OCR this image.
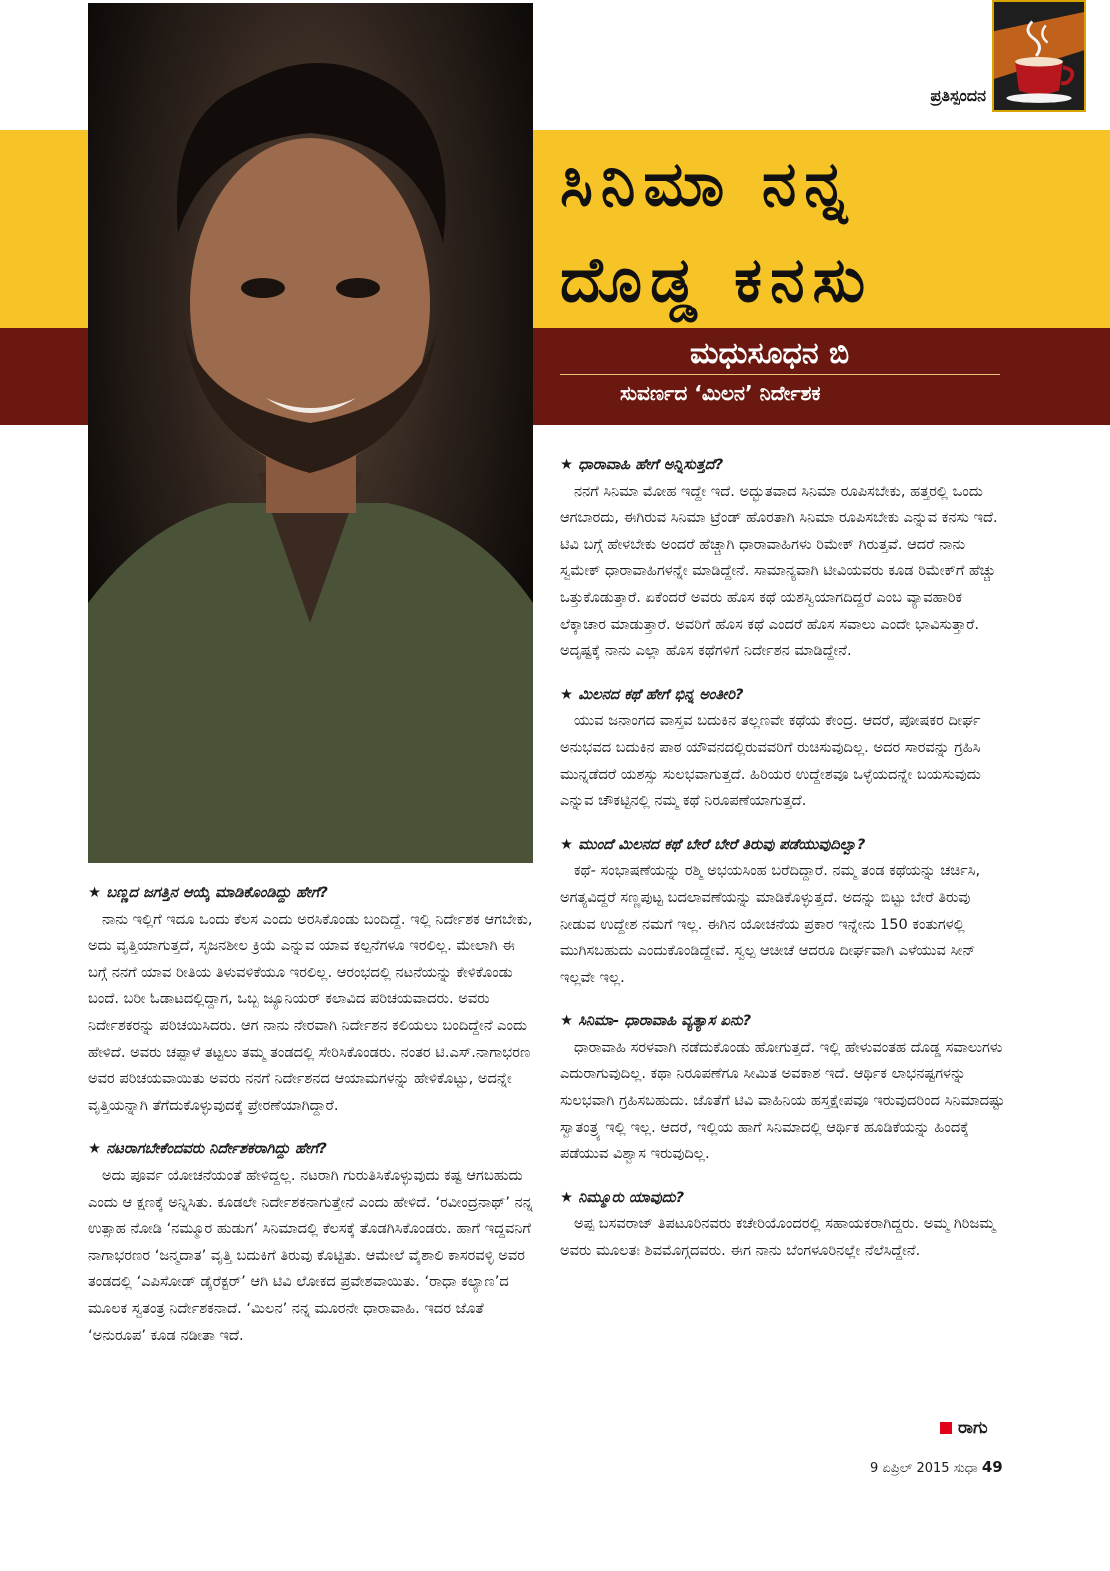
ಪ್ರತಿಸ್ಪಂದನ
ಸಿನಿಮಾ ನನ್ನ
ದೊಡ್ಡ ಕನಸು
ಮಧುಸೂಧನ ಬಿ
ಸುವರ್ಣದ ‘ಮಿಲನ’ ನಿರ್ದೇಶಕ
★ ಬಣ್ಣದ ಜಗತ್ತಿನ ಆಯ್ಕೆ ಮಾಡಿಕೊಂಡಿದ್ದು ಹೇಗೆ?

ನಾನು ಇಲ್ಲಿಗೆ ಇದೂ ಒಂದು ಕೆಲಸ ಎಂದು ಅರಸಿಕೊಂಡು ಬಂದಿದ್ದೆ. ಇಲ್ಲಿ ನಿರ್ದೇಶಕ ಆಗಬೇಕು, ಅದು ವೃತ್ತಿಯಾಗುತ್ತದೆ, ಸೃಜನಶೀಲ ಕ್ರಿಯೆ ಎನ್ನುವ ಯಾವ ಕಲ್ಪನೆಗಳೂ ಇರಲಿಲ್ಲ. ಮೇಲಾಗಿ ಈ ಬಗ್ಗೆ ನನಗೆ ಯಾವ ರೀತಿಯ ತಿಳುವಳಿಕೆಯೂ ಇರಲಿಲ್ಲ. ಆರಂಭದಲ್ಲಿ ನಟನೆಯನ್ನು ಕೇಳಿಕೊಂಡು ಬಂದೆ. ಬರೀ ಓಡಾಟದಲ್ಲಿದ್ದಾಗ, ಒಬ್ಬ ಜ್ಯೂನಿಯರ್ ಕಲಾವಿದ ಪರಿಚಯವಾದರು. ಅವರು ನಿರ್ದೇಶಕರನ್ನು ಪರಿಚಯಿಸಿದರು. ಆಗ ನಾನು ನೇರವಾಗಿ ನಿರ್ದೇಶನ ಕಲಿಯಲು ಬಂದಿದ್ದೇನೆ ಎಂದು ಹೇಳಿದೆ. ಅವರು ಚಪ್ಪಾಳೆ ತಟ್ಟಲು ತಮ್ಮ ತಂಡದಲ್ಲಿ ಸೇರಿಸಿಕೊಂಡರು. ನಂತರ ಟಿ.ಎಸ್.ನಾಗಾಭರಣ ಅವರ ಪರಿಚಯವಾಯಿತು ಅವರು ನನಗೆ ನಿರ್ದೇಶನದ ಆಯಾಮಗಳನ್ನು ಹೇಳಿಕೊಟ್ಟು, ಅದನ್ನೇ ವೃತ್ತಿಯನ್ನಾಗಿ ತೆಗೆದುಕೊಳ್ಳುವುದಕ್ಕೆ ಪ್ರೇರಣೆಯಾಗಿದ್ದಾರೆ.

★ ನಟರಾಗಬೇಕೆಂದವರು ನಿರ್ದೇಶಕರಾಗಿದ್ದು ಹೇಗೆ?

ಅದು ಪೂರ್ವ ಯೋಚನೆಯಂತೆ ಹೇಳಿದ್ದಲ್ಲ. ನಟರಾಗಿ ಗುರುತಿಸಿಕೊಳ್ಳುವುದು ಕಷ್ಟ ಆಗಬಹುದು ಎಂದು ಆ ಕ್ಷಣಕ್ಕೆ ಅನ್ನಿಸಿತು. ಕೂಡಲೇ ನಿರ್ದೇಶಕನಾಗುತ್ತೇನೆ ಎಂದು ಹೇಳಿದೆ. ‘ರವೀಂದ್ರನಾಥ್’ ನನ್ನ ಉತ್ಸಾಹ ನೋಡಿ ‘ನಮ್ಮೂರ ಹುಡುಗ’ ಸಿನಿಮಾದಲ್ಲಿ ಕೆಲಸಕ್ಕೆ ತೊಡಗಿಸಿಕೊಂಡರು. ಹಾಗೆ ಇದ್ದವನಿಗೆ ನಾಗಾಭರಣರ ‘ಜನ್ಮದಾತ’ ವೃತ್ತಿ ಬದುಕಿಗೆ ತಿರುವು ಕೊಟ್ಟಿತು. ಆಮೇಲೆ ವೈಶಾಲಿ ಕಾಸರವಳ್ಳಿ ಅವರ ತಂಡದಲ್ಲಿ ‘ಎಪಿಸೋಡ್ ಡೈರೆಕ್ಟರ್’ ಆಗಿ ಟಿವಿ ಲೋಕದ ಪ್ರವೇಶವಾಯಿತು. ‘ರಾಧಾ ಕಲ್ಯಾಣ’ದ ಮೂಲಕ ಸ್ವತಂತ್ರ ನಿರ್ದೇಶಕನಾದೆ. ‘ಮಿಲನ’ ನನ್ನ ಮೂರನೇ ಧಾರಾವಾಹಿ. ಇದರ ಜೊತೆ ‘ಅನುರೂಪ’ ಕೂಡ ನಡೀತಾ ಇದೆ.

★ ಧಾರಾವಾಹಿ ಹೇಗೆ ಅನ್ನಿಸುತ್ತದೆ?

ನನಗೆ ಸಿನಿಮಾ ಮೋಹ ಇದ್ದೇ ಇದೆ. ಅದ್ಭುತವಾದ ಸಿನಿಮಾ ರೂಪಿಸಬೇಕು, ಹತ್ತರಲ್ಲಿ ಒಂದು ಆಗಬಾರದು, ಈಗಿರುವ ಸಿನಿಮಾ ಟ್ರೆಂಡ್ ಹೊರತಾಗಿ ಸಿನಿಮಾ ರೂಪಿಸಬೇಕು ಎನ್ನುವ ಕನಸು ಇದೆ. ಟಿವಿ ಬಗ್ಗೆ ಹೇಳಬೇಕು ಅಂದರೆ ಹೆಚ್ಚಾಗಿ ಧಾರಾವಾಹಿಗಳು ರಿಮೇಕ್ ಗಿರುತ್ತವೆ. ಆದರೆ ನಾನು ಸ್ವಮೇಕ್ ಧಾರಾವಾಹಿಗಳನ್ನೇ ಮಾಡಿದ್ದೇನೆ. ಸಾಮಾನ್ಯವಾಗಿ ಟೀವಿಯವರು ಕೂಡ ರಿಮೇಕ್‌ಗೆ ಹೆಚ್ಚು ಒತ್ತುಕೊಡುತ್ತಾರೆ. ಏಕೆಂದರೆ ಅವರು ಹೊಸ ಕಥೆ ಯಶಸ್ವಿಯಾಗದಿದ್ದರೆ ಎಂಬ ವ್ಯಾವಹಾರಿಕ ಲೆಕ್ಕಾಚಾರ ಮಾಡುತ್ತಾರೆ. ಅವರಿಗೆ ಹೊಸ ಕಥೆ ಎಂದರೆ ಹೊಸ ಸವಾಲು ಎಂದೇ ಭಾವಿಸುತ್ತಾರೆ. ಅದೃಷ್ಟಕ್ಕೆ ನಾನು ಎಲ್ಲಾ ಹೊಸ ಕಥೆಗಳಿಗೆ ನಿರ್ದೇಶನ ಮಾಡಿದ್ದೇನೆ.

★ ಮಿಲನದ ಕಥೆ ಹೇಗೆ ಭಿನ್ನ ಅಂತೀರಿ?

ಯುವ ಜನಾಂಗದ ವಾಸ್ತವ ಬದುಕಿನ ತಲ್ಲಣವೇ ಕಥೆಯ ಕೇಂದ್ರ. ಆದರೆ, ಪೋಷಕರ ದೀರ್ಘ ಅನುಭವದ ಬದುಕಿನ ಪಾಠ ಯೌವನದಲ್ಲಿರುವವರಿಗೆ ರುಚಿಸುವುದಿಲ್ಲ. ಅದರ ಸಾರವನ್ನು ಗ್ರಹಿಸಿ ಮುನ್ನಡೆದರೆ ಯಶಸ್ಸು ಸುಲಭವಾಗುತ್ತದೆ. ಹಿರಿಯರ ಉದ್ದೇಶವೂ ಒಳ್ಳೆಯದನ್ನೇ ಬಯಸುವುದು ಎನ್ನುವ ಚೌಕಟ್ಟಿನಲ್ಲಿ ನಮ್ಮ ಕಥೆ ನಿರೂಪಣೆಯಾಗುತ್ತದೆ.

★ ಮುಂದೆ ಮಿಲನದ ಕಥೆ ಬೇರೆ ಬೇರೆ ತಿರುವು ಪಡೆಯುವುದಿಲ್ವಾ?

ಕಥೆ- ಸಂಭಾಷಣೆಯನ್ನು ರಶ್ಮಿ ಅಭಯಸಿಂಹ ಬರೆದಿದ್ದಾರೆ. ನಮ್ಮ ತಂಡ ಕಥೆಯನ್ನು ಚರ್ಚಿಸಿ, ಅಗತ್ಯವಿದ್ದರೆ ಸಣ್ಣಪುಟ್ಟ ಬದಲಾವಣೆಯನ್ನು ಮಾಡಿಕೊಳ್ಳುತ್ತದೆ. ಅದನ್ನು ಬಿಟ್ಟು ಬೇರೆ ತಿರುವು ನೀಡುವ ಉದ್ದೇಶ ನಮಗೆ ಇಲ್ಲ. ಈಗಿನ ಯೋಚನೆಯ ಪ್ರಕಾರ ಇನ್ನೇನು 150 ಕಂತುಗಳಲ್ಲಿ ಮುಗಿಸಬಹುದು ಎಂದುಕೊಂಡಿದ್ದೇವೆ. ಸ್ವಲ್ಪ ಆಚೀಚೆ ಆದರೂ ದೀರ್ಘವಾಗಿ ಎಳೆಯುವ ಸೀನ್ ಇಲ್ಲವೇ ಇಲ್ಲ.

★ ಸಿನಿಮಾ- ಧಾರಾವಾಹಿ ವ್ಯತ್ಯಾಸ ಏನು?

ಧಾರಾವಾಹಿ ಸರಳವಾಗಿ ನಡೆದುಕೊಂಡು ಹೋಗುತ್ತದೆ. ಇಲ್ಲಿ ಹೇಳುವಂತಹ ದೊಡ್ಡ ಸವಾಲುಗಳು ಎದುರಾಗುವುದಿಲ್ಲ. ಕಥಾ ನಿರೂಪಣೆಗೂ ಸೀಮಿತ ಅವಕಾಶ ಇದೆ. ಆರ್ಥಿಕ ಲಾಭನಷ್ಟಗಳನ್ನು ಸುಲಭವಾಗಿ ಗ್ರಹಿಸಬಹುದು. ಜೊತೆಗೆ ಟಿವಿ ವಾಹಿನಿಯ ಹಸ್ತಕ್ಷೇಪವೂ ಇರುವುದರಿಂದ ಸಿನಿಮಾದಷ್ಟು ಸ್ವಾತಂತ್ರ್ಯ ಇಲ್ಲಿ ಇಲ್ಲ. ಆದರೆ, ಇಲ್ಲಿಯ ಹಾಗೆ ಸಿನಿಮಾದಲ್ಲಿ ಆರ್ಥಿಕ ಹೂಡಿಕೆಯನ್ನು ಹಿಂದಕ್ಕೆ ಪಡೆಯುವ ವಿಶ್ವಾಸ ಇರುವುದಿಲ್ಲ.

★ ನಿಮ್ಮೂರು ಯಾವುದು?

ಅಪ್ಪ ಬಸವರಾಜ್ ತಿಪಟೂರಿನವರು ಕಚೇರಿಯೊಂದರಲ್ಲಿ ಸಹಾಯಕರಾಗಿದ್ದರು. ಅಮ್ಮ ಗಿರಿಜಮ್ಮ ಅವರು ಮೂಲತಃ ಶಿವಮೊಗ್ಗದವರು. ಈಗ ನಾನು ಬೆಂಗಳೂರಿನಲ್ಲೇ ನೆಲೆಸಿದ್ದೇನೆ.

ರಾಗು
9 ಏಪ್ರಿಲ್ 2015 ಸುಧಾ 49
